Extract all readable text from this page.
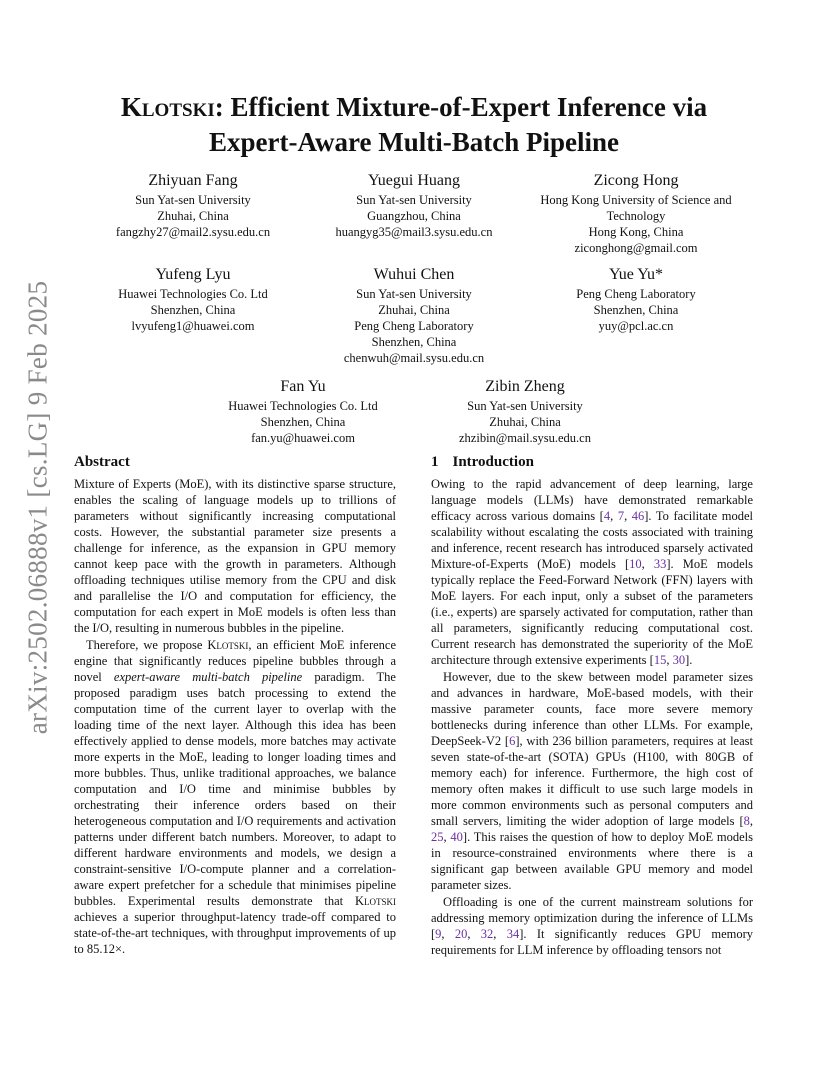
arXiv:2502.06888v1 [cs.LG] 9 Feb 2025
Klotski: Efficient Mixture-of-Expert Inference via
Expert-Aware Multi-Batch Pipeline
Zhiyuan Fang
Sun Yat-sen University
Zhuhai, China
fangzhy27@mail2.sysu.edu.cn
Yuegui Huang
Sun Yat-sen University
Guangzhou, China
huangyg35@mail3.sysu.edu.cn
Zicong Hong
Hong Kong University of Science and
Technology
Hong Kong, China
ziconghong@gmail.com
Yufeng Lyu
Huawei Technologies Co. Ltd
Shenzhen, China
lvyufeng1@huawei.com
Wuhui Chen
Sun Yat-sen University
Zhuhai, China
Peng Cheng Laboratory
Shenzhen, China
chenwuh@mail.sysu.edu.cn
Yue Yu*
Peng Cheng Laboratory
Shenzhen, China
yuy@pcl.ac.cn
Fan Yu
Huawei Technologies Co. Ltd
Shenzhen, China
fan.yu@huawei.com
Zibin Zheng
Sun Yat-sen University
Zhuhai, China
zhzibin@mail.sysu.edu.cn
Abstract

Mixture of Experts (MoE), with its distinctive sparse structure, enables the scaling of language models up to trillions of parameters without significantly increasing computational costs. However, the substantial parameter size presents a challenge for inference, as the expansion in GPU memory cannot keep pace with the growth in parameters. Although offloading techniques utilise memory from the CPU and disk and parallelise the I/O and computation for efficiency, the computation for each expert in MoE models is often less than the I/O, resulting in numerous bubbles in the pipeline.

Therefore, we propose Klotski, an efficient MoE inference engine that significantly reduces pipeline bubbles through a novel expert-aware multi-batch pipeline paradigm. The proposed paradigm uses batch processing to extend the computation time of the current layer to overlap with the loading time of the next layer. Although this idea has been effectively applied to dense models, more batches may activate more experts in the MoE, leading to longer loading times and more bubbles. Thus, unlike traditional approaches, we balance computation and I/O time and minimise bubbles by orchestrating their inference orders based on their heterogeneous computation and I/O requirements and activation patterns under different batch numbers. Moreover, to adapt to different hardware environments and models, we design a constraint-sensitive I/O-compute planner and a correlation-aware expert prefetcher for a schedule that minimises pipeline bubbles. Experimental results demonstrate that Klotski achieves a superior throughput-latency trade-off compared to state-of-the-art techniques, with throughput improvements of up to 85.12×.

1 Introduction

Owing to the rapid advancement of deep learning, large language models (LLMs) have demonstrated remarkable efficacy across various domains [4, 7, 46]. To facilitate model scalability without escalating the costs associated with training and inference, recent research has introduced sparsely activated Mixture-of-Experts (MoE) models [10, 33]. MoE models typically replace the Feed-Forward Network (FFN) layers with MoE layers. For each input, only a subset of the parameters (i.e., experts) are sparsely activated for computation, rather than all parameters, significantly reducing computational cost. Current research has demonstrated the superiority of the MoE architecture through extensive experiments [15, 30].

However, due to the skew between model parameter sizes and advances in hardware, MoE-based models, with their massive parameter counts, face more severe memory bottlenecks during inference than other LLMs. For example, DeepSeek-V2 [6], with 236 billion parameters, requires at least seven state-of-the-art (SOTA) GPUs (H100, with 80GB of memory each) for inference. Furthermore, the high cost of memory often makes it difficult to use such large models in more common environments such as personal computers and small servers, limiting the wider adoption of large models [8, 25, 40]. This raises the question of how to deploy MoE models in resource-constrained environments where there is a significant gap between available GPU memory and model parameter sizes.

Offloading is one of the current mainstream solutions for addressing memory optimization during the inference of LLMs [9, 20, 32, 34]. It significantly reduces GPU memory requirements for LLM inference by offloading tensors not
